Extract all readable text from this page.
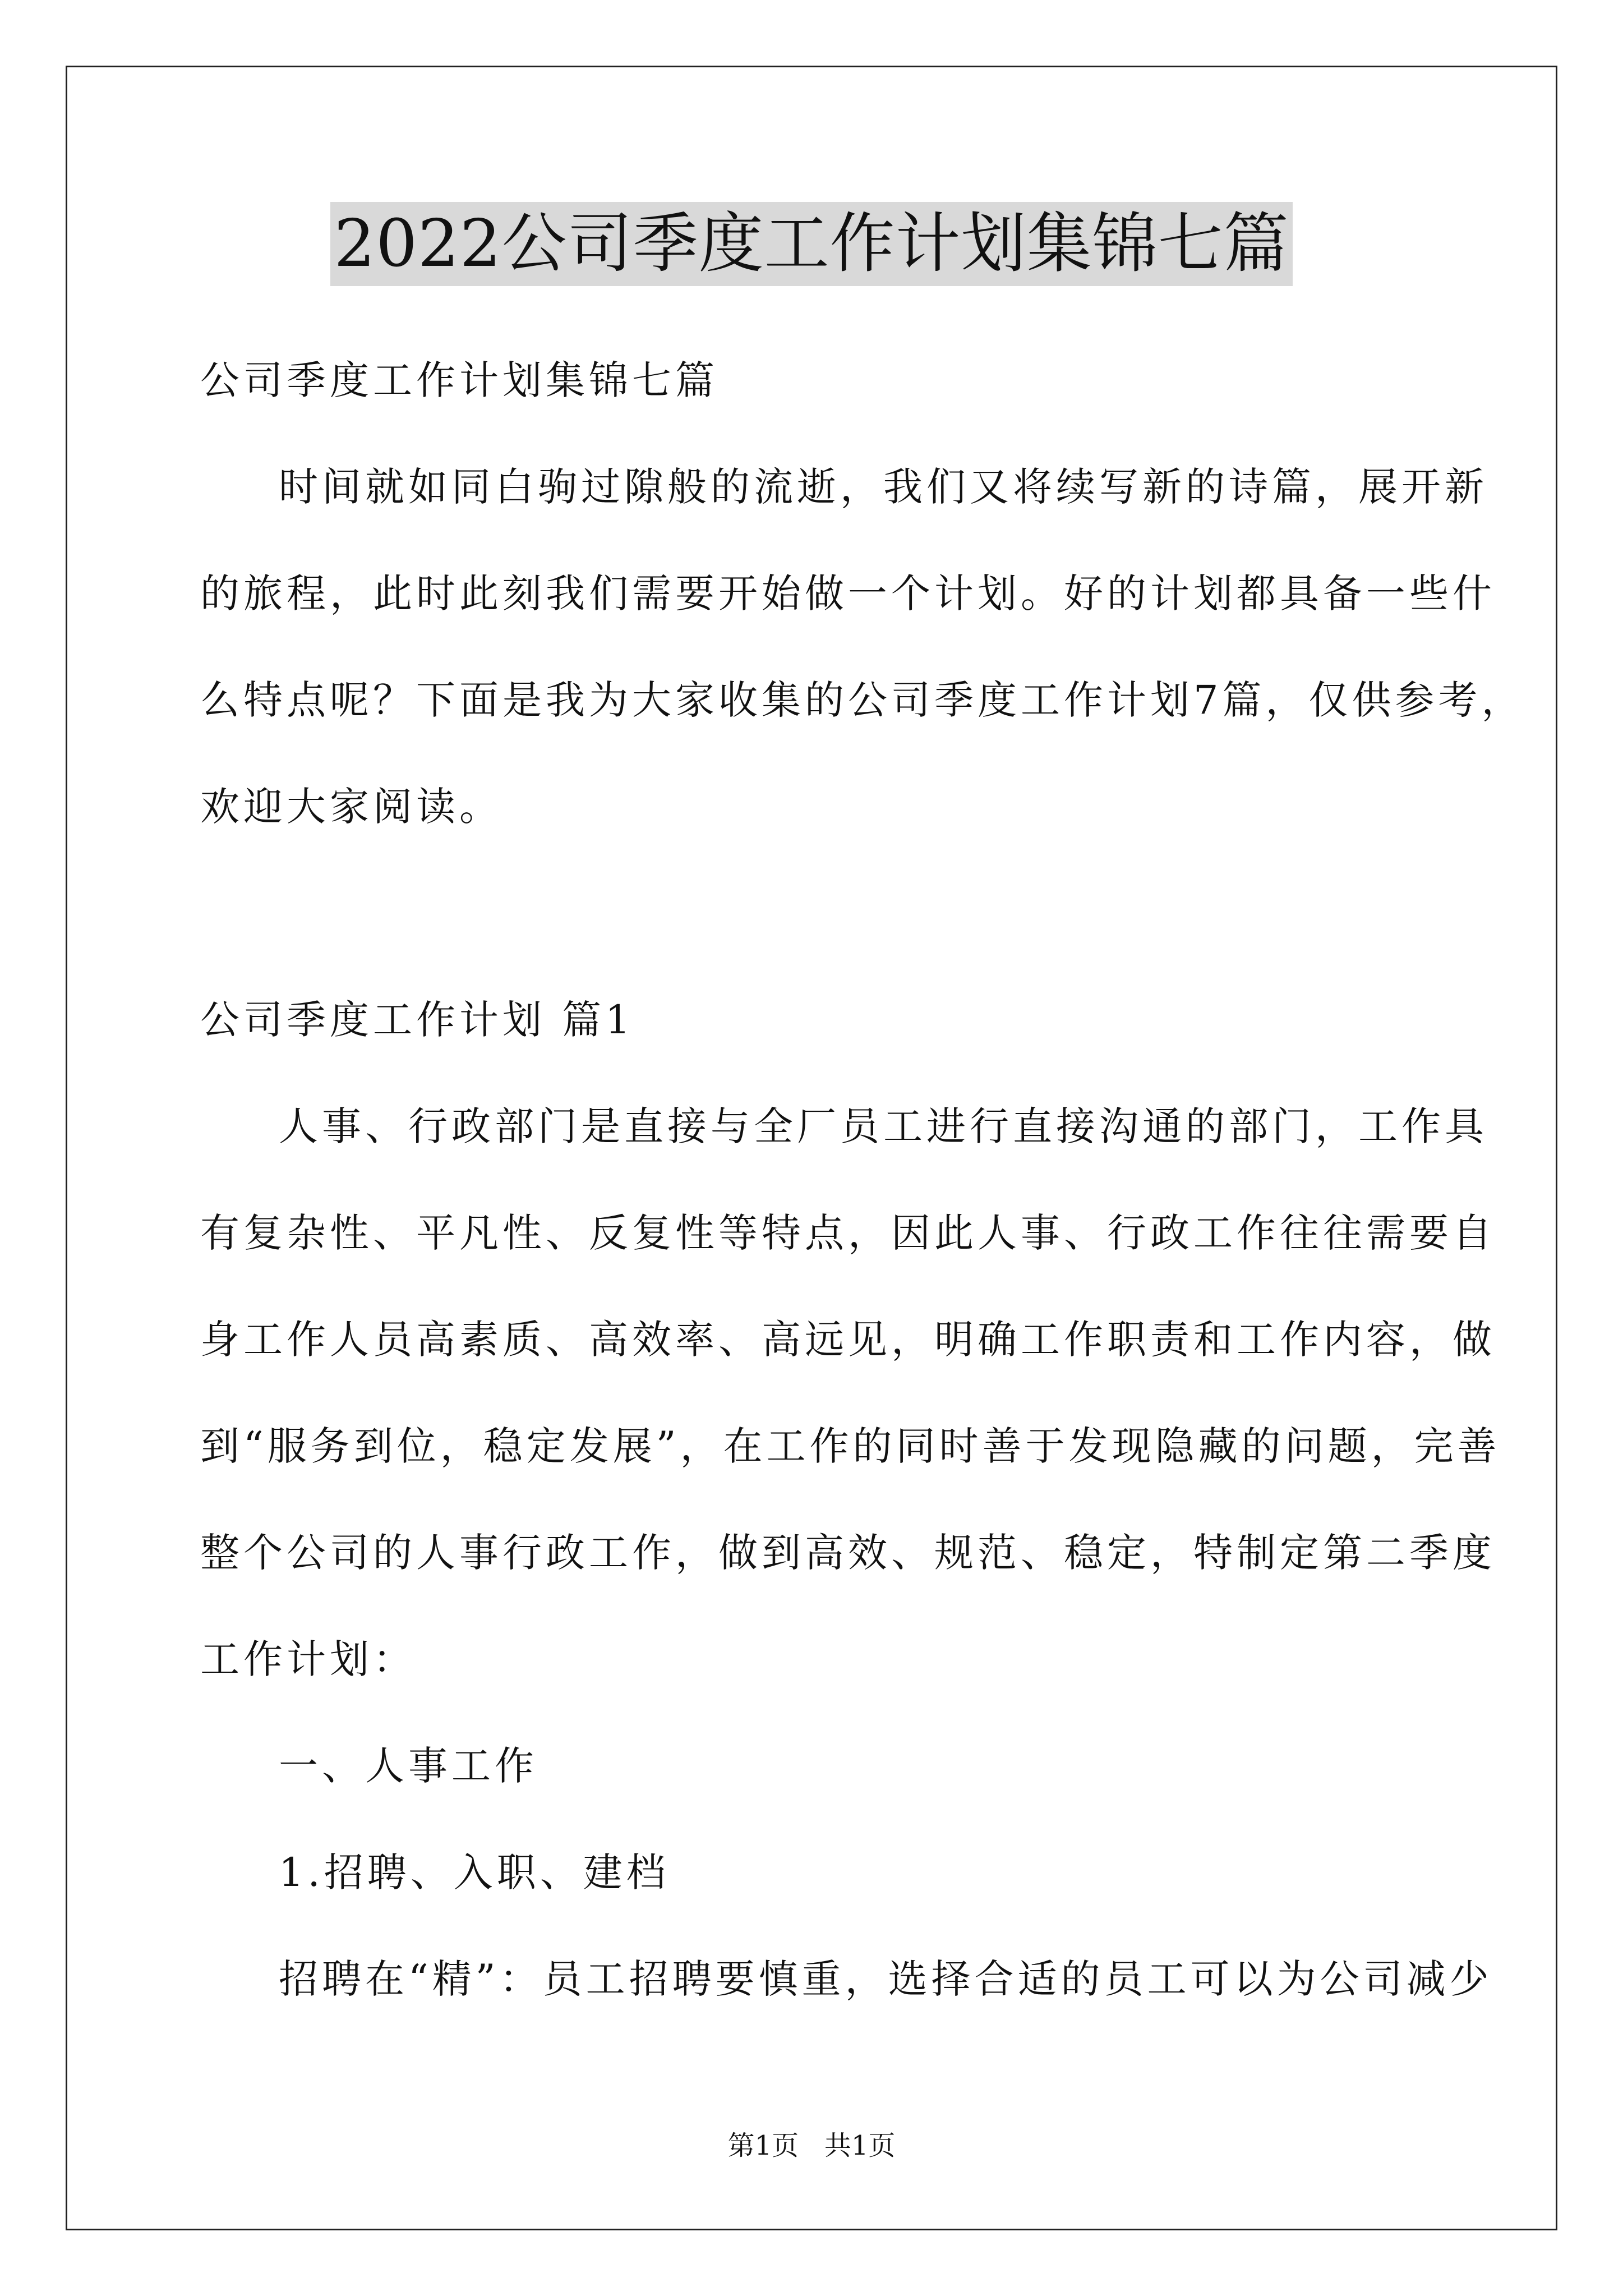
2022公司季度工作计划集锦七篇
公司季度工作计划集锦七篇
时间就如同白驹过隙般的流逝，我们又将续写新的诗篇，展开新
的旅程，此时此刻我们需要开始做一个计划。好的计划都具备一些什
么特点呢？下面是我为大家收集的公司季度工作计划7篇，仅供参考，
欢迎大家阅读。
公司季度工作计划 篇1
人事、行政部门是直接与全厂员工进行直接沟通的部门，工作具
有复杂性、平凡性、反复性等特点，因此人事、行政工作往往需要自
身工作人员高素质、高效率、高远见，明确工作职责和工作内容，做
到“服务到位，稳定发展”，在工作的同时善于发现隐藏的问题，完善
整个公司的人事行政工作，做到高效、规范、稳定，特制定第二季度
工作计划：
一、人事工作
1.招聘、入职、建档
招聘在“精”：员工招聘要慎重，选择合适的员工可以为公司减少
第1页   共1页
